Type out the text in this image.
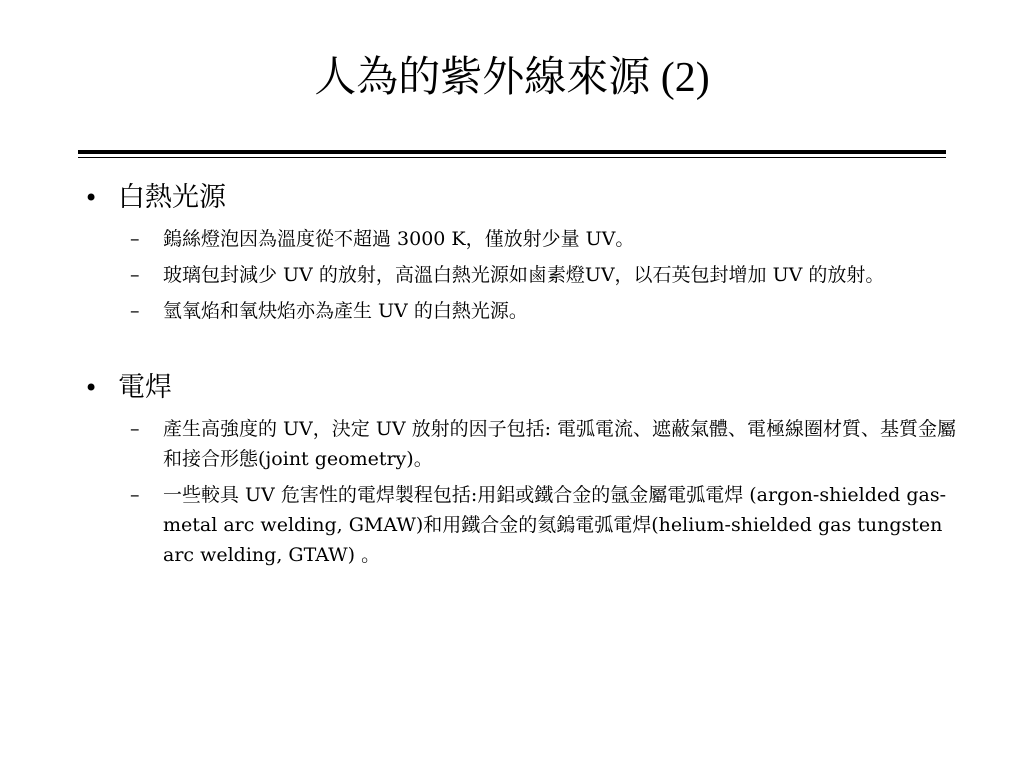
人為的紫外線來源 (2)
• 白熱光源
– 鎢絲燈泡因為溫度從不超過 3000 K，僅放射少量 UV。
– 玻璃包封減少 UV 的放射，高溫白熱光源如鹵素燈UV，以石英包封增加 UV 的放射。
– 氫氧焰和氧炔焰亦為產生 UV 的白熱光源。
• 電焊
– 產生高強度的 UV，決定 UV 放射的因子包括: 電弧電流、遮蔽氣體、電極線圈材質、基質金屬和接合形態(joint geometry)。
– 一些較具 UV 危害性的電焊製程包括:用鋁或鐵合金的氬金屬電弧電焊 (argon-shielded gas-metal arc welding, GMAW)和用鐵合金的氦鎢電弧電焊(helium-shielded gas tungsten arc welding, GTAW) 。
